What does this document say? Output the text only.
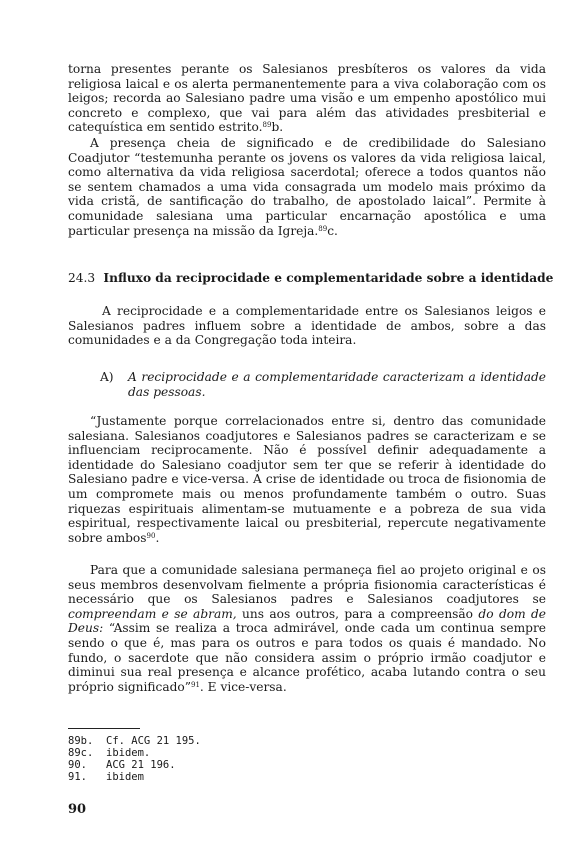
torna presentes perante os Salesianos presbíteros os valores da vida religiosa laical e os alerta permanentemente para a viva colaboração com os leigos; recorda ao Salesiano padre uma visão e um empenho apostólico mui concreto e complexo, que vai para além das atividades presbiterial e catequística em sentido estrito.$^{89}$b.

A presença cheia de significado e de credibilidade do Salesiano Coadjutor “testemunha perante os jovens os valores da vida religiosa laical, como alternativa da vida religiosa sacerdotal; oferece a todos quantos não se sentem chamados a uma vida consagrada um modelo mais próximo da vida cristã, de santificação do trabalho, de apostolado laical”. Permite à comunidade salesiana uma particular encarnação apostólica e uma particular presença na missão da Igreja.$^{89}$c.

24.3 Influxo da reciprocidade e complementaridade sobre a identidade

A reciprocidade e a complementaridade entre os Salesianos leigos e Salesianos padres influem sobre a identidade de ambos, sobre a das comunidades e a da Congregação toda inteira.

A) A reciprocidade e a complementaridade caracterizam a identidade das pessoas.

“Justamente porque correlacionados entre si, dentro das comunidade salesiana. Salesianos coadjutores e Salesianos padres se caracterizam e se influenciam reciprocamente. Não é possível definir adequadamente a identidade do Salesiano coadjutor sem ter que se referir à identidade do Salesiano padre e vice-versa. A crise de identidade ou troca de fisionomia de um compromete mais ou menos profundamente também o outro. Suas riquezas espirituais alimentam-se mutuamente e a pobreza de sua vida espiritual, respectivamente laical ou presbiterial, repercute negativamente sobre ambos$^{90}$.

Para que a comunidade salesiana permaneça fiel ao projeto original e os seus membros desenvolvam fielmente a própria fisionomia características é necessário que os Salesianos padres e Salesianos coadjutores se compreendam e se abram, uns aos outros, para a compreensão do dom de Deus: “Assim se realiza a troca admirável, onde cada um continua sempre sendo o que é, mas para os outros e para todos os quais é mandado. No fundo, o sacerdote que não considera assim o próprio irmão coadjutor e diminui sua real presença e alcance profético, acaba lutando contra o seu próprio significado”$^{91}$. E vice-versa.

89b. Cf. ACG 21 195.
89c. ibidem.
90. ACG 21 196.
91. ibidem
90
